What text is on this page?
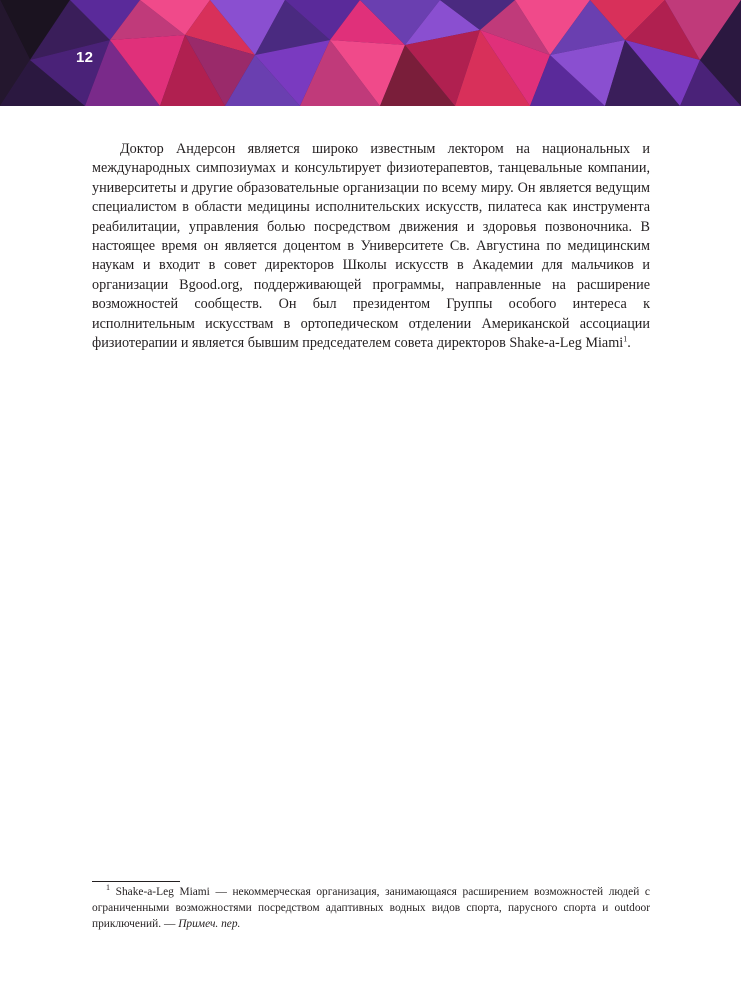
12

Доктор Андерсон является широко известным лектором на национальных и международных симпозиумах и консультирует физиотерапевтов, танцевальные компании, университеты и другие образовательные организации по всему миру. Он является ведущим специалистом в области медицины исполнительских искусств, пилатеса как инструмента реабилитации, управления болью посредством движения и здоровья позвоночника. В настоящее время он является доцентом в Университете Св. Августина по медицинским наукам и входит в совет директоров Школы искусств в Академии для мальчиков и организации Bgood.org, поддерживающей программы, направленные на расширение возможностей сообществ. Он был президентом Группы особого интереса к исполнительным искусствам в ортопедическом отделении Американской ассоциации физиотерапии и является бывшим председателем совета директоров Shake-a-Leg Miami$^1$.

$^1$ Shake-a-Leg Miami — некоммерческая организация, занимающаяся расширением возможностей людей с ограниченными возможностями посредством адаптивных водных видов спорта, парусного спорта и outdoor приключений. — Примеч. пер.
